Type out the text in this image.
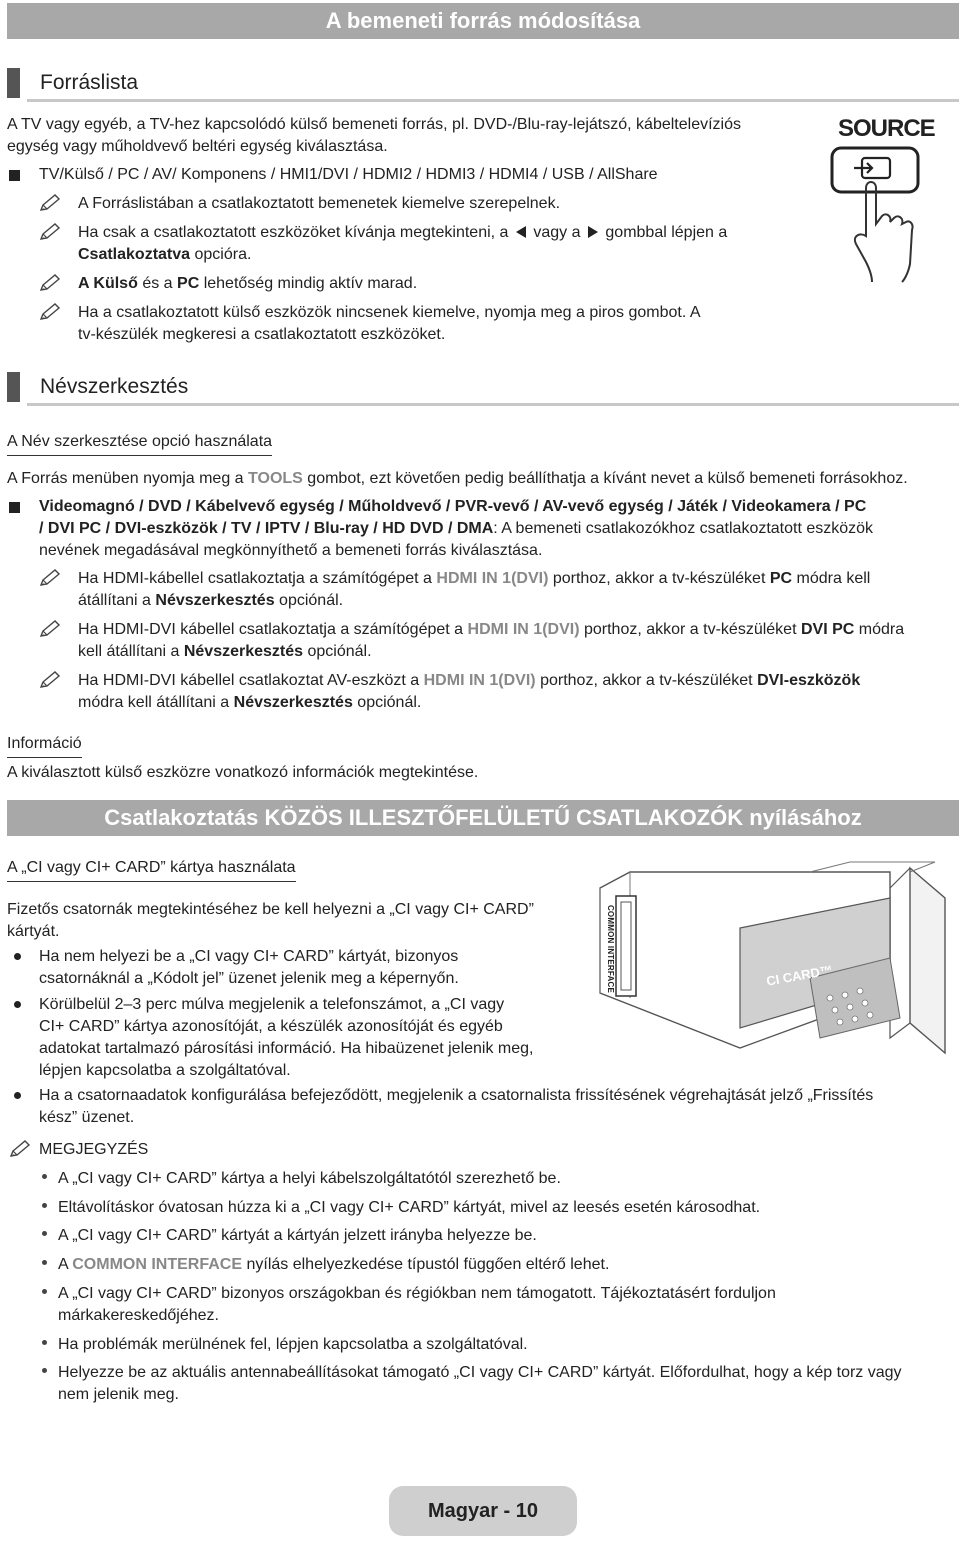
A bemeneti forrás módosítása
Forráslista
A TV vagy egyéb, a TV-hez kapcsolódó külső bemeneti forrás, pl. DVD-/Blu-ray-lejátszó, kábeltelevíziós
egység vagy műholdvevő beltéri egység kiválasztása.
TV/Külső / PC / AV/ Komponens / HMI1/DVI / HDMI2 / HDMI3 / HDMI4 / USB / AllShare
A Forráslistában a csatlakoztatott bemenetek kiemelve szerepelnek.
Ha csak a csatlakoztatott eszközöket kívánja megtekinteni, a vagy a gombbal lépjen a
Csatlakoztatva opcióra.
A Külső és a PC lehetőség mindig aktív marad.
Ha a csatlakoztatott külső eszközök nincsenek kiemelve, nyomja meg a piros gombot. A
tv-készülék megkeresi a csatlakoztatott eszközöket.
SOURCE
Névszerkesztés
A Név szerkesztése opció használata
A Forrás menüben nyomja meg a TOOLS gombot, ezt követően pedig beállíthatja a kívánt nevet a külső bemeneti forrásokhoz.
Videomagnó / DVD / Kábelvevő egység / Műholdvevő / PVR-vevő / AV-vevő egység / Játék / Videokamera / PC
/ DVI PC / DVI-eszközök / TV / IPTV / Blu-ray / HD DVD / DMA: A bemeneti csatlakozókhoz csatlakoztatott eszközök
nevének megadásával megkönnyíthető a bemeneti forrás kiválasztása.
Ha HDMI-kábellel csatlakoztatja a számítógépet a HDMI IN 1(DVI) porthoz, akkor a tv-készüléket PC módra kell
átállítani a Névszerkesztés opciónál.
Ha HDMI-DVI kábellel csatlakoztatja a számítógépet a HDMI IN 1(DVI) porthoz, akkor a tv-készüléket DVI PC módra
kell átállítani a Névszerkesztés opciónál.
Ha HDMI-DVI kábellel csatlakoztat AV-eszközt a HDMI IN 1(DVI) porthoz, akkor a tv-készüléket DVI-eszközök
módra kell átállítani a Névszerkesztés opciónál.
Információ
A kiválasztott külső eszközre vonatkozó információk megtekintése.
Csatlakoztatás KÖZÖS ILLESZTŐFELÜLETŰ CSATLAKOZÓK nyílásához
A „CI vagy CI+ CARD” kártya használata
Fizetős csatornák megtekintéséhez be kell helyezni a „CI vagy CI+ CARD”
kártyát.
Ha nem helyezi be a „CI vagy CI+ CARD” kártyát, bizonyos
csatornáknál a „Kódolt jel” üzenet jelenik meg a képernyőn.
Körülbelül 2–3 perc múlva megjelenik a telefonszámot, a „CI vagy
CI+ CARD” kártya azonosítóját, a készülék azonosítóját és egyéb
adatokat tartalmazó párosítási információ. Ha hibaüzenet jelenik meg,
lépjen kapcsolatba a szolgáltatóval.
Ha a csatornaadatok konfigurálása befejeződött, megjelenik a csatornalista frissítésének végrehajtását jelző „Frissítés
kész” üzenet.
COMMON INTERFACE	CI CARD™
MEGJEGYZÉS
A „CI vagy CI+ CARD” kártya a helyi kábelszolgáltatótól szerezhető be.
Eltávolításkor óvatosan húzza ki a „CI vagy CI+ CARD” kártyát, mivel az leesés esetén károsodhat.
A „CI vagy CI+ CARD” kártyát a kártyán jelzett irányba helyezze be.
A COMMON INTERFACE nyílás elhelyezkedése típustól függően eltérő lehet.
A „CI vagy CI+ CARD” bizonyos országokban és régiókban nem támogatott. Tájékoztatásért forduljon
márkakereskedőjéhez.
Ha problémák merülnének fel, lépjen kapcsolatba a szolgáltatóval.
Helyezze be az aktuális antennabeállításokat támogató „CI vagy CI+ CARD” kártyát. Előfordulhat, hogy a kép torz vagy
nem jelenik meg.
Magyar - 10
